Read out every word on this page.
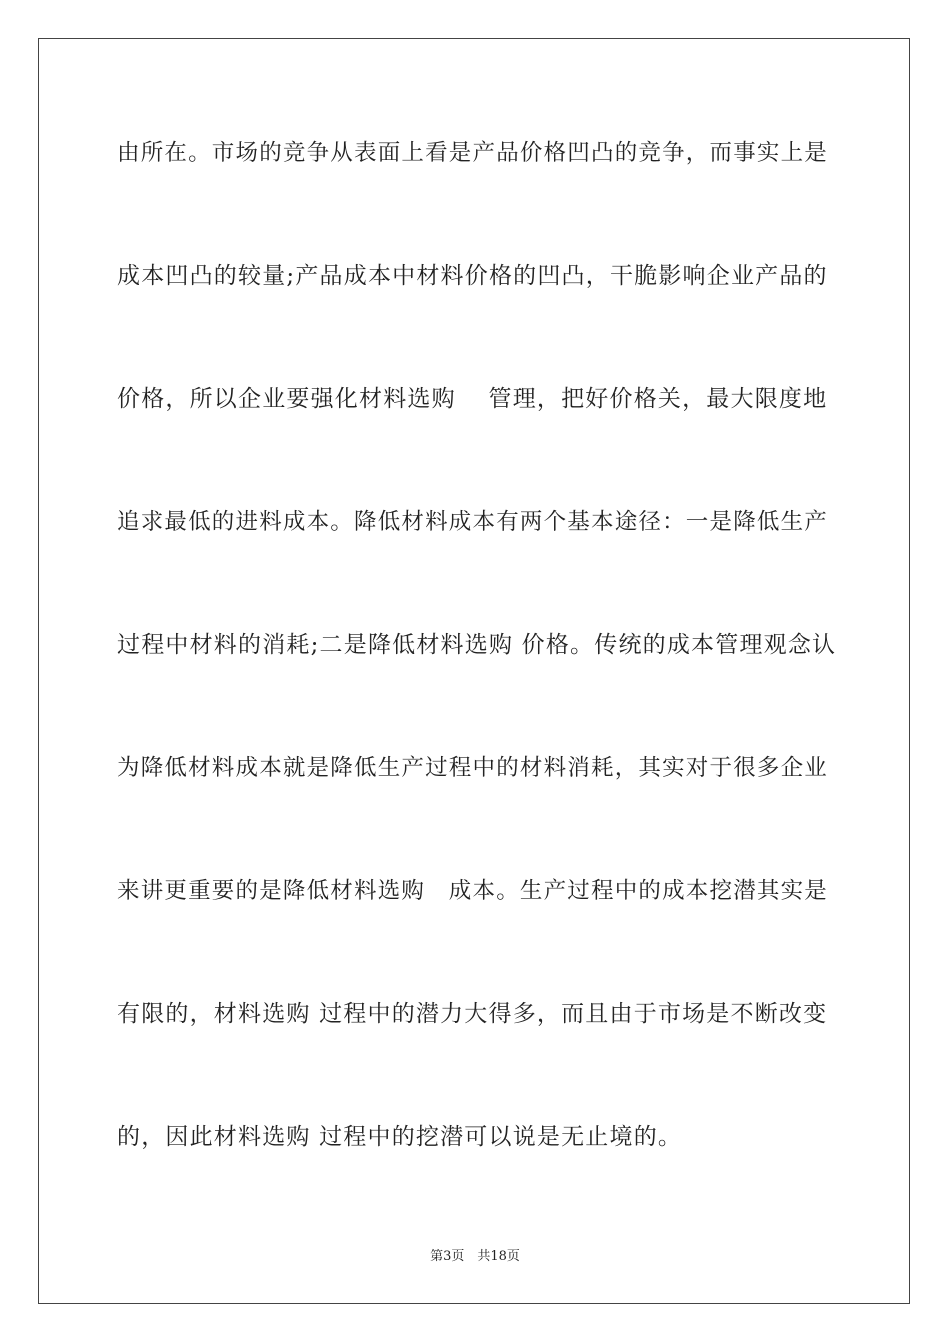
由所在。市场的竞争从表面上看是产品价格凹凸的竞争，而事实上是
成本凹凸的较量;产品成本中材料价格的凹凸，干脆影响企业产品的
价格，所以企业要强化材料选购　 管理，把好价格关，最大限度地
追求最低的进料成本。降低材料成本有两个基本途径：一是降低生产
过程中材料的消耗;二是降低材料选购 价格。传统的成本管理观念认
为降低材料成本就是降低生产过程中的材料消耗，其实对于很多企业
来讲更重要的是降低材料选购　成本。生产过程中的成本挖潜其实是
有限的，材料选购 过程中的潜力大得多，而且由于市场是不断改变
的，因此材料选购 过程中的挖潜可以说是无止境的。
第3页　共18页
